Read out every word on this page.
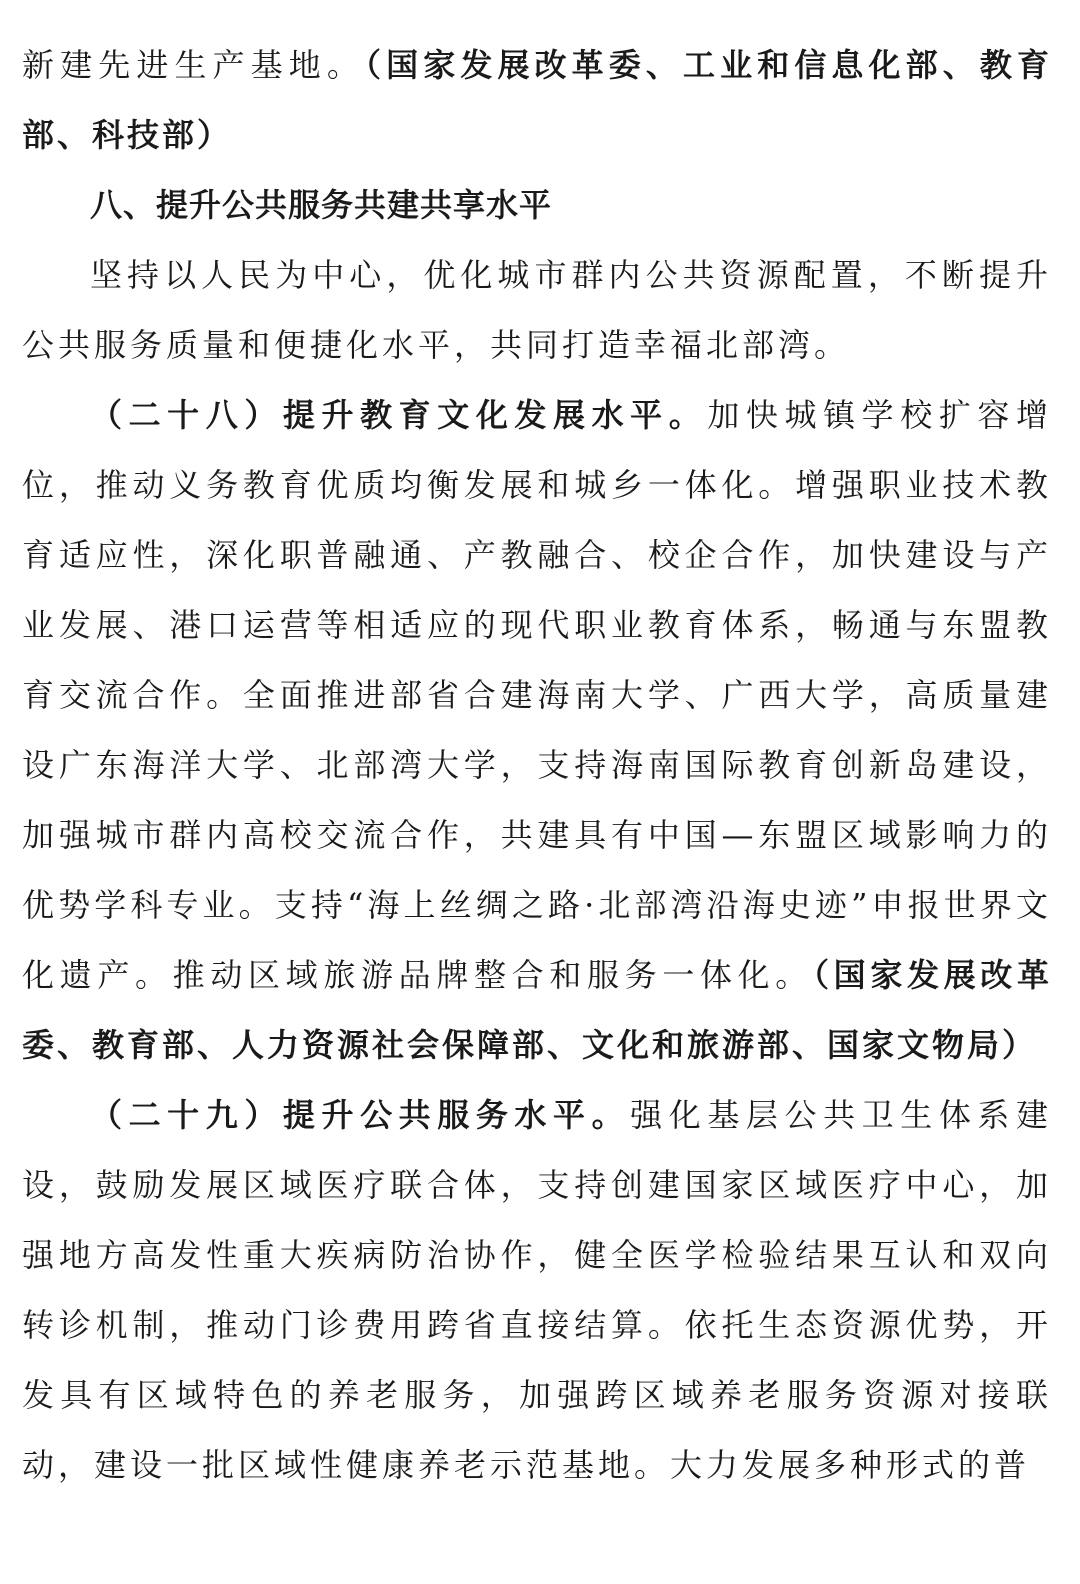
新建先进生产基地。（国家发展改革委、工业和信息化部、教育部、科技部）

八、提升公共服务共建共享水平

坚持以人民为中心，优化城市群内公共资源配置，不断提升公共服务质量和便捷化水平，共同打造幸福北部湾。

（二十八）提升教育文化发展水平。加快城镇学校扩容增位，推动义务教育优质均衡发展和城乡一体化。增强职业技术教育适应性，深化职普融通、产教融合、校企合作，加快建设与产业发展、港口运营等相适应的现代职业教育体系，畅通与东盟教育交流合作。全面推进部省合建海南大学、广西大学，高质量建设广东海洋大学、北部湾大学，支持海南国际教育创新岛建设，加强城市群内高校交流合作，共建具有中国—东盟区域影响力的优势学科专业。支持“海上丝绸之路·北部湾沿海史迹”申报世界文化遗产。推动区域旅游品牌整合和服务一体化。（国家发展改革委、教育部、人力资源社会保障部、文化和旅游部、国家文物局）

（二十九）提升公共服务水平。强化基层公共卫生体系建设，鼓励发展区域医疗联合体，支持创建国家区域医疗中心，加强地方高发性重大疾病防治协作，健全医学检验结果互认和双向转诊机制，推动门诊费用跨省直接结算。依托生态资源优势，开发具有区域特色的养老服务，加强跨区域养老服务资源对接联动，建设一批区域性健康养老示范基地。大力发展多种形式的普
